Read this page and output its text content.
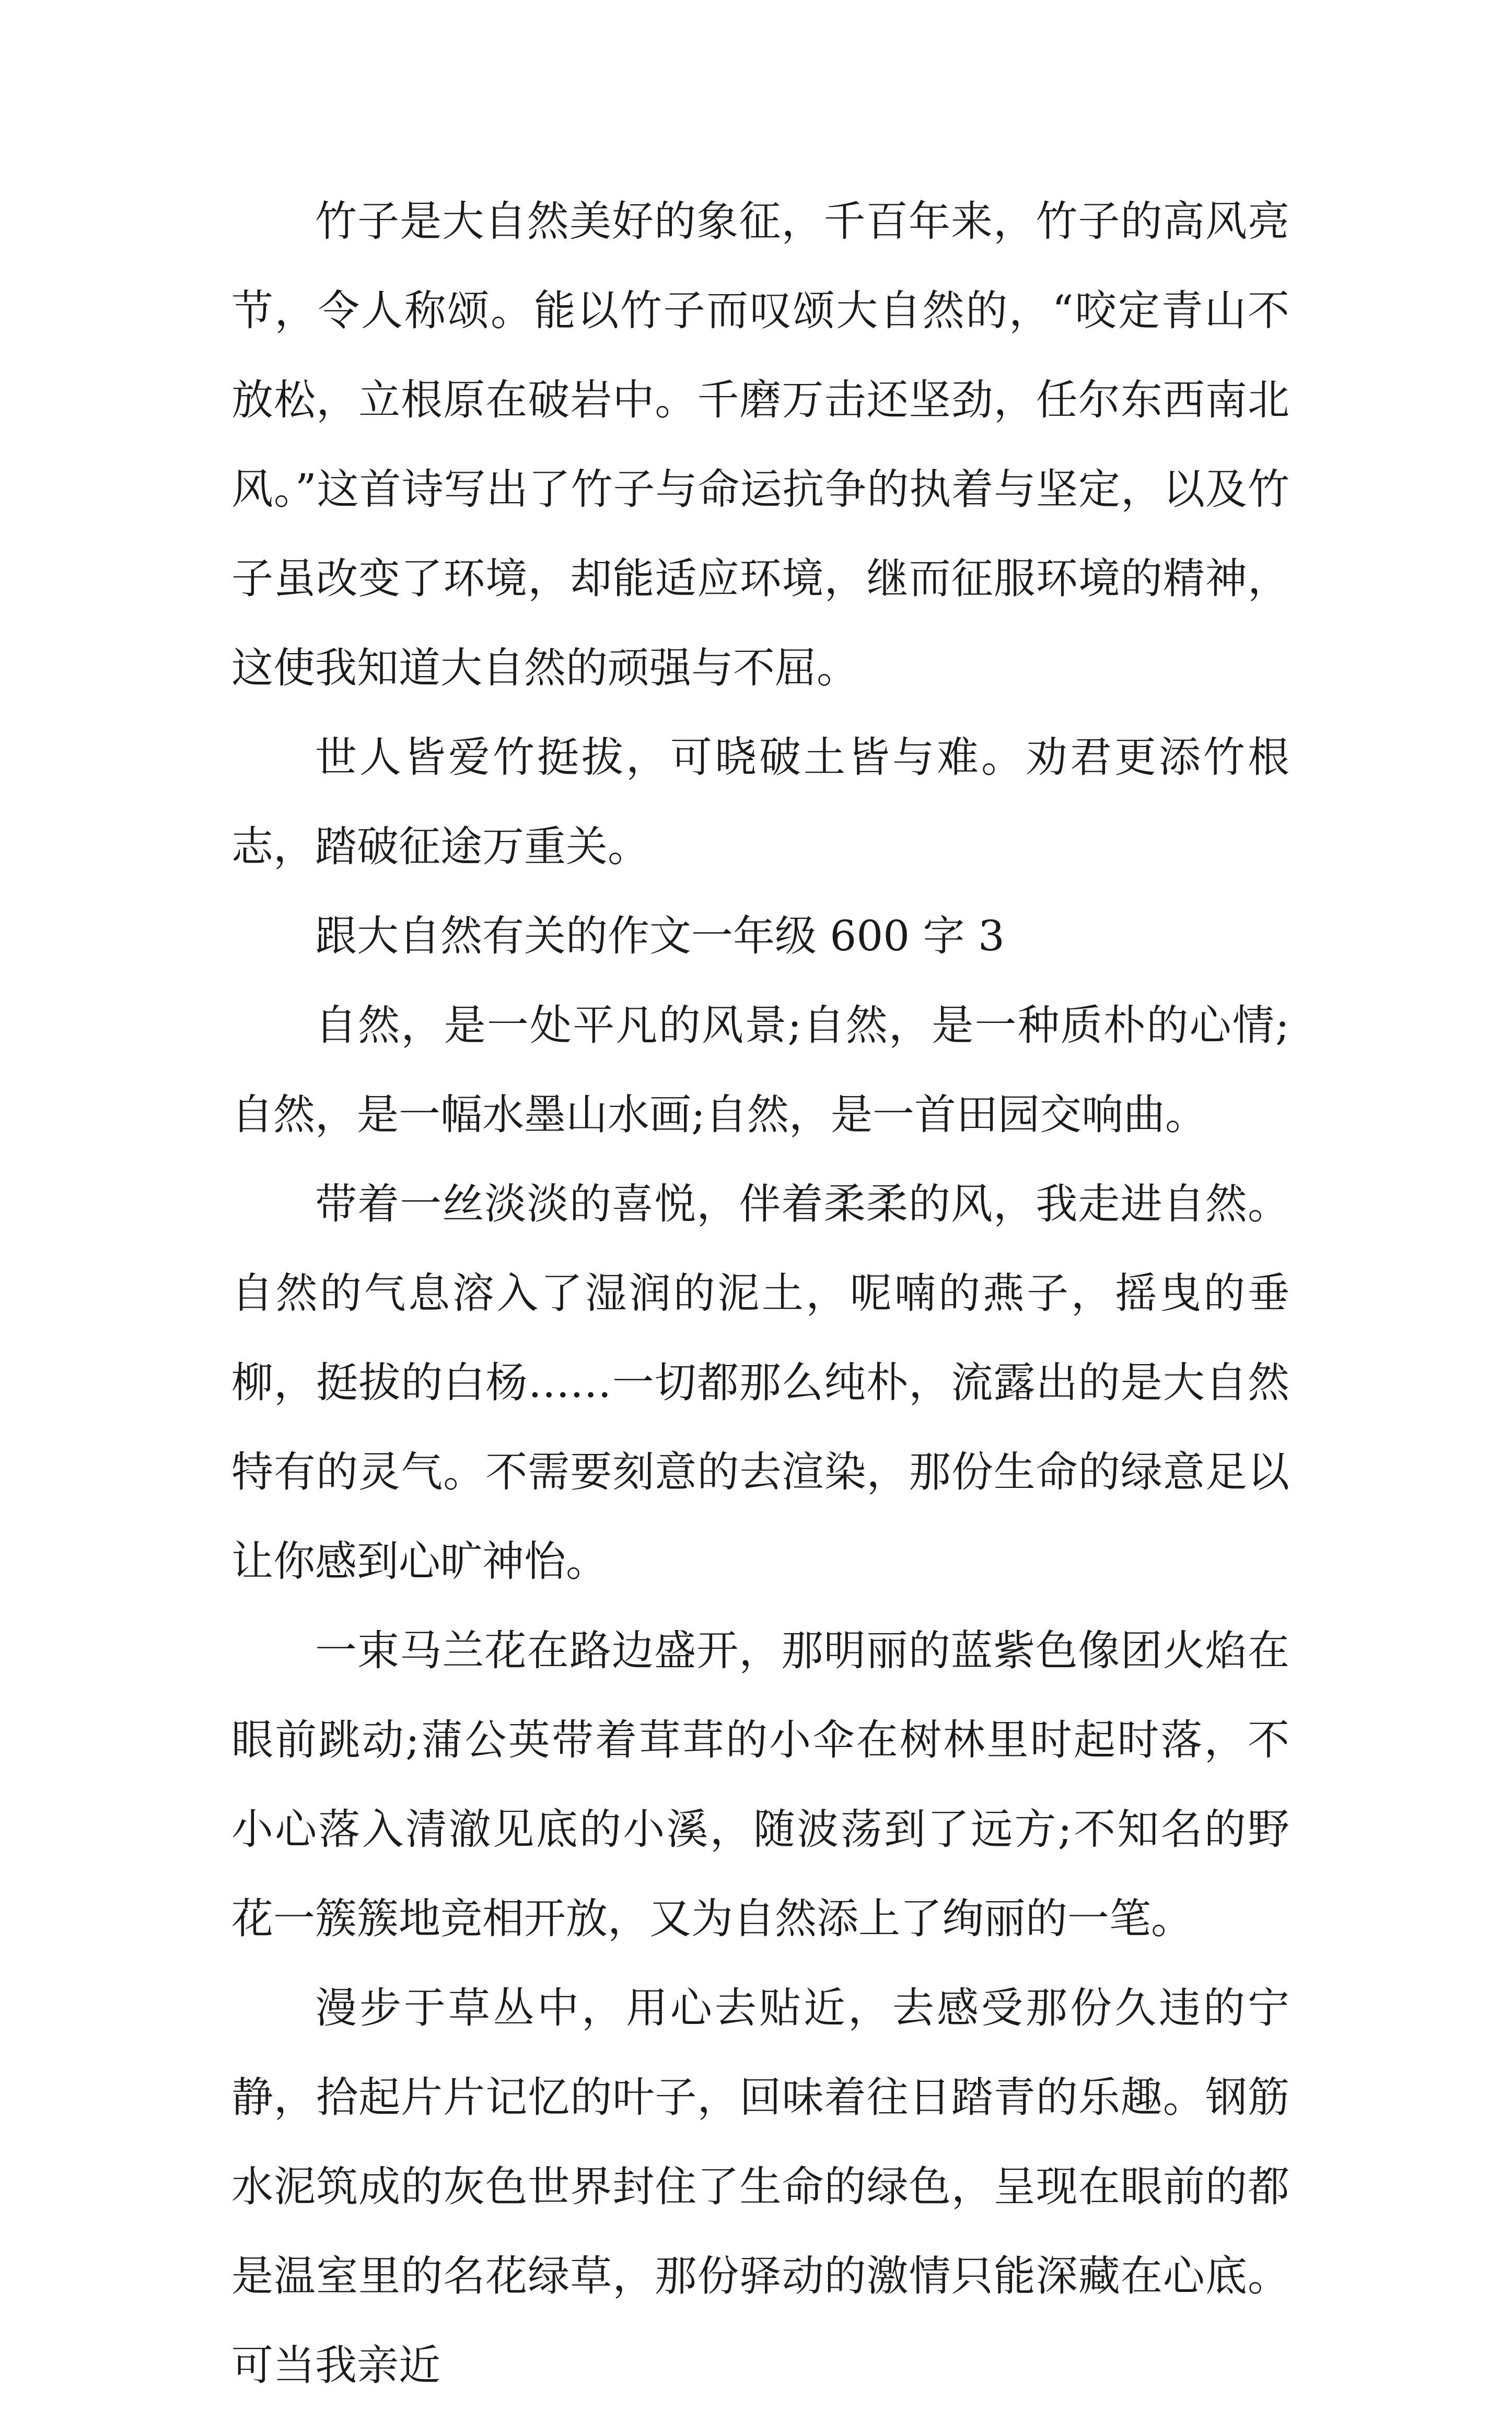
竹子是大自然美好的象征，千百年来，竹子的高风亮节，令人称颂。能以竹子而叹颂大自然的，“咬定青山不放松，立根原在破岩中。千磨万击还坚劲，任尔东西南北风。”这首诗写出了竹子与命运抗争的执着与坚定，以及竹子虽改变了环境，却能适应环境，继而征服环境的精神，这使我知道大自然的顽强与不屈。

世人皆爱竹挺拔，可晓破土皆与难。劝君更添竹根志，踏破征途万重关。

跟大自然有关的作文一年级 600 字 3

自然，是一处平凡的风景;自然，是一种质朴的心情;自然，是一幅水墨山水画;自然，是一首田园交响曲。

带着一丝淡淡的喜悦，伴着柔柔的风，我走进自然。自然的气息溶入了湿润的泥土，呢喃的燕子，摇曳的垂柳，挺拔的白杨……一切都那么纯朴，流露出的是大自然特有的灵气。不需要刻意的去渲染，那份生命的绿意足以让你感到心旷神怡。

一束马兰花在路边盛开，那明丽的蓝紫色像团火焰在眼前跳动;蒲公英带着茸茸的小伞在树林里时起时落，不小心落入清澈见底的小溪，随波荡到了远方;不知名的野花一簇簇地竞相开放，又为自然添上了绚丽的一笔。

漫步于草丛中，用心去贴近，去感受那份久违的宁静，拾起片片记忆的叶子，回味着往日踏青的乐趣。钢筋水泥筑成的灰色世界封住了生命的绿色，呈现在眼前的都是温室里的名花绿草，那份驿动的激情只能深藏在心底。可当我亲近
